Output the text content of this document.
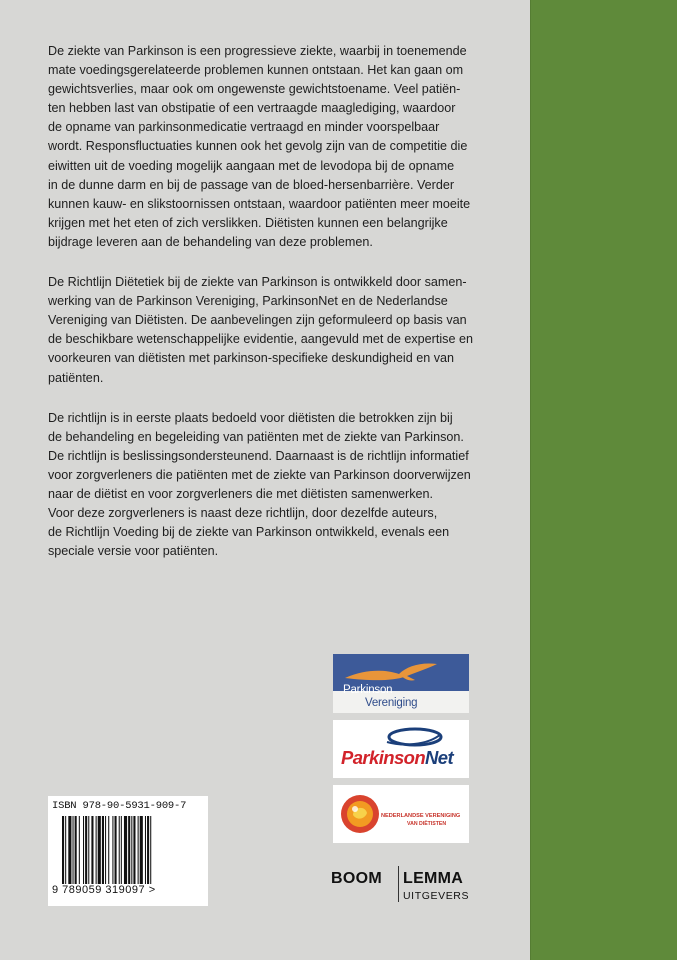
De ziekte van Parkinson is een progressieve ziekte, waarbij in toenemende
mate voedingsgerelateerde problemen kunnen ontstaan. Het kan gaan om
gewichtsverlies, maar ook om ongewenste gewichtstoename. Veel patiën-
ten hebben last van obstipatie of een vertraagde maaglediging, waardoor
de opname van parkinsonmedicatie vertraagd en minder voorspelbaar
wordt. Responsfluctuaties kunnen ook het gevolg zijn van de competitie die
eiwitten uit de voeding mogelijk aangaan met de levodopa bij de opname
in de dunne darm en bij de passage van de bloed-hersenbarrière. Verder
kunnen kauw- en slikstoornissen ontstaan, waardoor patiënten meer moeite
krijgen met het eten of zich verslikken. Diëtisten kunnen een belangrijke
bijdrage leveren aan de behandeling van deze problemen.

De Richtlijn Diëtetiek bij de ziekte van Parkinson is ontwikkeld door samen-
werking van de Parkinson Vereniging, ParkinsonNet en de Nederlandse
Vereniging van Diëtisten. De aanbevelingen zijn geformuleerd op basis van
de beschikbare wetenschappelijke evidentie, aangevuld met de expertise en
voorkeuren van diëtisten met parkinson-specifieke deskundigheid en van
patiënten.

De richtlijn is in eerste plaats bedoeld voor diëtisten die betrokken zijn bij
de behandeling en begeleiding van patiënten met de ziekte van Parkinson.
De richtlijn is beslissingsondersteunend. Daarnaast is de richtlijn informatief
voor zorgverleners die patiënten met de ziekte van Parkinson doorverwijzen
naar de diëtist en voor zorgverleners die met diëtisten samenwerken.
Voor deze zorgverleners is naast deze richtlijn, door dezelfde auteurs,
de Richtlijn Voeding bij de ziekte van Parkinson ontwikkeld, evenals een
speciale versie voor patiënten.

ISBN 978-90-5931-909-7
9 789059 319097 >
Parkinson
Vereniging
ParkinsonNet
NEDERLANDSE VERENIGING
VAN DIËTISTEN
BOOM LEMMA
UITGEVERS
